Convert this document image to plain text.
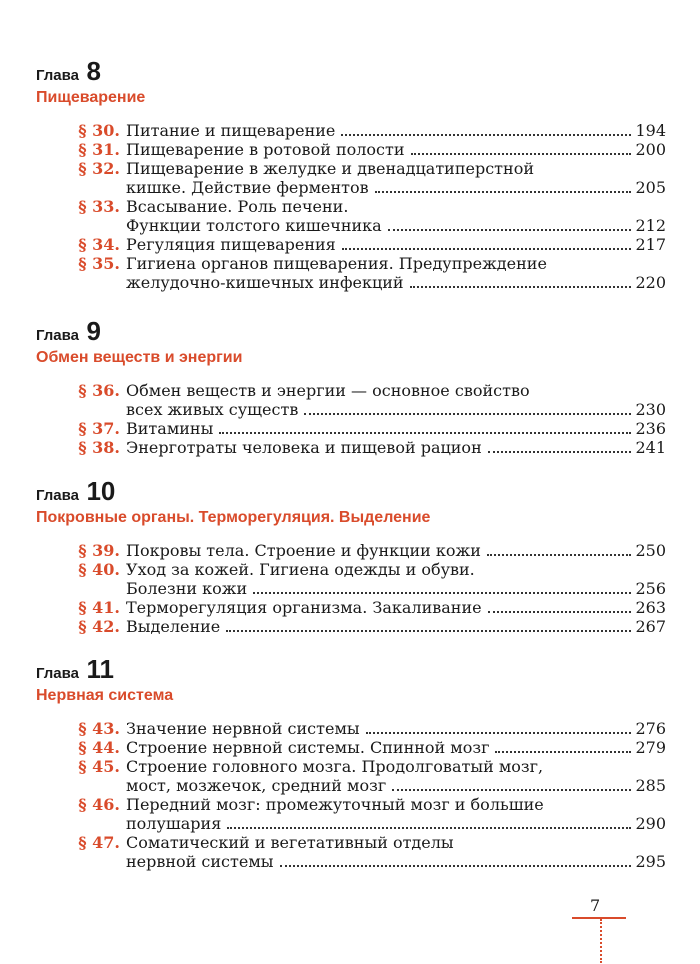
Глава 8
Пищеварение
§ 30. Питание и пищеварение	194
§ 31. Пищеварение в ротовой полости	200
§ 32. Пищеварение в желудке и двенадцатиперстной
кишке. Действие ферментов	205
§ 33. Всасывание. Роль печени.
Функции толстого кишечника	212
§ 34. Регуляция пищеварения	217
§ 35. Гигиена органов пищеварения. Предупреждение
желудочно-кишечных инфекций	220
Глава 9
Обмен веществ и энергии
§ 36. Обмен веществ и энергии — основное свойство
всех живых существ	230
§ 37. Витамины	236
§ 38. Энерготраты человека и пищевой рацион	241
Глава 10
Покровные органы. Терморегуляция. Выделение
§ 39. Покровы тела. Строение и функции кожи	250
§ 40. Уход за кожей. Гигиена одежды и обуви.
Болезни кожи	256
§ 41. Терморегуляция организма. Закаливание	263
§ 42. Выделение	267
Глава 11
Нервная система
§ 43. Значение нервной системы	276
§ 44. Строение нервной системы. Спинной мозг	279
§ 45. Строение головного мозга. Продолговатый мозг,
мост, мозжечок, средний мозг	285
§ 46. Передний мозг: промежуточный мозг и большие
полушария	290
§ 47. Соматический и вегетативный отделы
нервной системы	295
7
